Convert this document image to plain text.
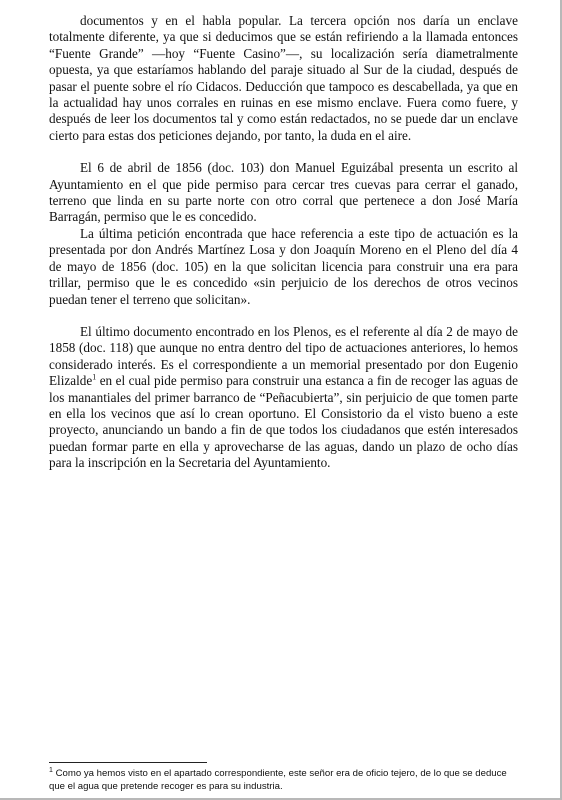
documentos y en el habla popular. La tercera opción nos daría un enclave totalmente diferente, ya que si deducimos que se están refiriendo a la llamada entonces “Fuente Grande” —hoy “Fuente Casino”—, su localización sería diametralmente opuesta, ya que estaríamos hablando del paraje situado al Sur de la ciudad, después de pasar el puente sobre el río Cidacos. Deducción que tampoco es descabellada, ya que en la actualidad hay unos corrales en ruinas en ese mismo enclave. Fuera como fuere, y después de leer los documentos tal y como están redactados, no se puede dar un enclave cierto para estas dos peticiones dejando, por tanto, la duda en el aire.

El 6 de abril de 1856 (doc. 103) don Manuel Eguizábal presenta un escrito al Ayuntamiento en el que pide permiso para cercar tres cuevas para cerrar el ganado, terreno que linda en su parte norte con otro corral que pertenece a don José María Barragán, permiso que le es concedido.

La última petición encontrada que hace referencia a este tipo de actuación es la presentada por don Andrés Martínez Losa y don Joaquín Moreno en el Pleno del día 4 de mayo de 1856 (doc. 105) en la que solicitan licencia para construir una era para trillar, permiso que le es concedido «sin perjuicio de los derechos de otros vecinos puedan tener el terreno que solicitan».

El último documento encontrado en los Plenos, es el referente al día 2 de mayo de 1858 (doc. 118) que aunque no entra dentro del tipo de actuaciones anteriores, lo hemos considerado interés. Es el correspondiente a un memorial presentado por don Eugenio Elizalde$^1$ en el cual pide permiso para construir una estanca a fin de recoger las aguas de los manantiales del primer barranco de “Peñacubierta”, sin perjuicio de que tomen parte en ella los vecinos que así lo crean oportuno. El Consistorio da el visto bueno a este proyecto, anunciando un bando a fin de que todos los ciudadanos que estén interesados puedan formar parte en ella y aprovecharse de las aguas, dando un plazo de ocho días para la inscripción en la Secretaria del Ayuntamiento.

$^1$ Como ya hemos visto en el apartado correspondiente, este señor era de oficio tejero, de lo que se deduce que el agua que pretende recoger es para su industria.
